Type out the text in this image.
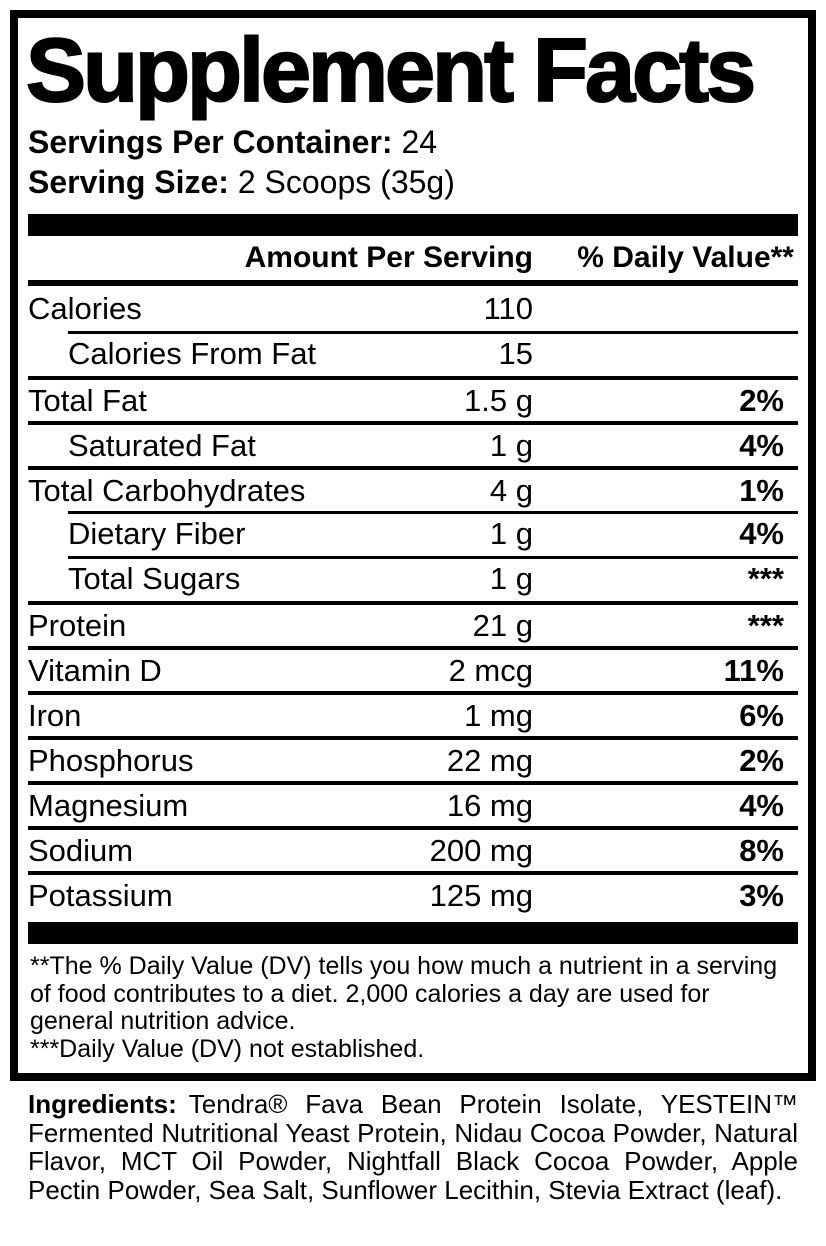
Supplement Facts
Servings Per Container: 24
Serving Size: 2 Scoops (35g)
Amount Per Serving	% Daily Value**
Calories	110
Calories From Fat	15
Total Fat	1.5 g	2%
Saturated Fat	1 g	4%
Total Carbohydrates	4 g	1%
Dietary Fiber	1 g	4%
Total Sugars	1 g	***
Protein	21 g	***
Vitamin D	2 mcg	11%
Iron	1 mg	6%
Phosphorus	22 mg	2%
Magnesium	16 mg	4%
Sodium	200 mg	8%
Potassium	125 mg	3%

**The % Daily Value (DV) tells you how much a nutrient in a serving of food contributes to a diet. 2,000 calories a day are used for general nutrition advice.

***Daily Value (DV) not established.

Ingredients: Tendra® Fava Bean Protein Isolate, YESTEIN™ Fermented Nutritional Yeast Protein, Nidau Cocoa Powder, Natural Flavor, MCT Oil Powder, Nightfall Black Cocoa Powder, Apple Pectin Powder, Sea Salt, Sunflower Lecithin, Stevia Extract (leaf).
